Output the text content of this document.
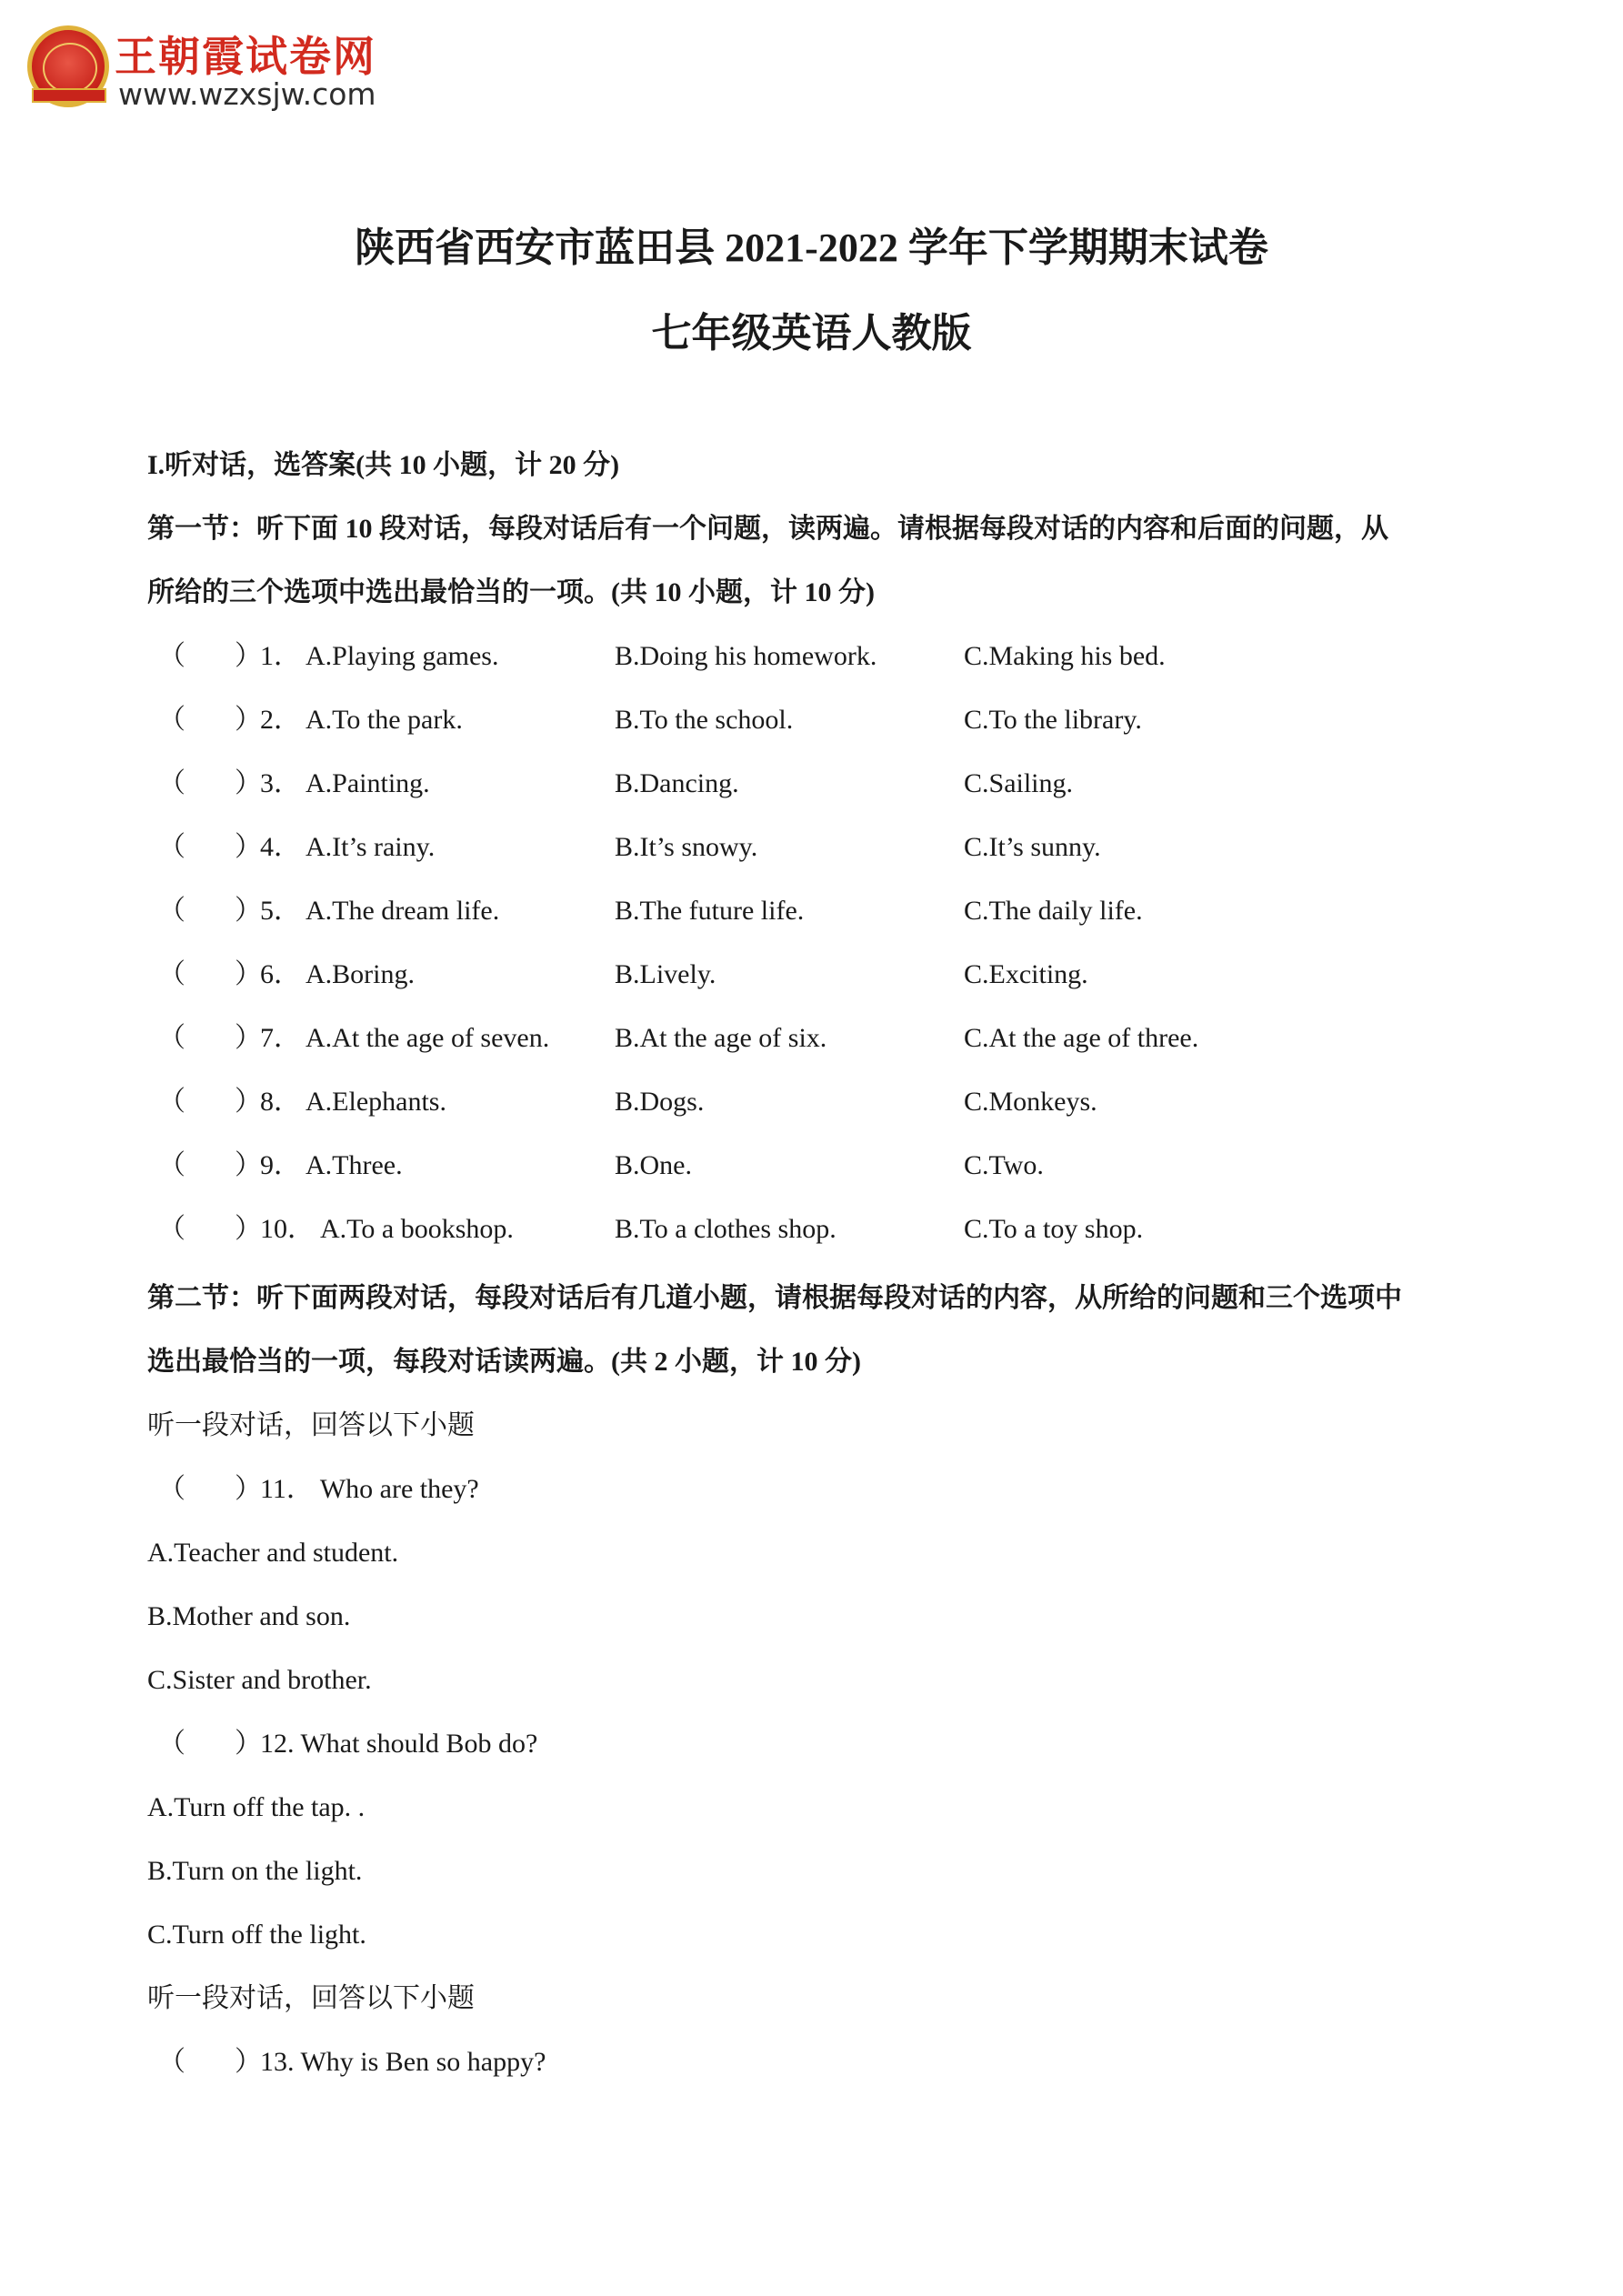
王朝霞试卷网
www.wzxsjw.com
陕西省西安市蓝田县 2021-2022 学年下学期期末试卷
七年级英语人教版
I.听对话，选答案(共 10 小题，计 20 分)
第一节：听下面 10 段对话，每段对话后有一个问题，读两遍。请根据每段对话的内容和后面的问题，从
所给的三个选项中选出最恰当的一项。(共 10 小题，计 10 分)
（ ）
1． A.Playing games.	B.Doing his homework.	C.Making his bed.
（ ）
2． A.To the park.	B.To the school.	C.To the library.
（ ）
3． A.Painting.	B.Dancing.	C.Sailing.
（ ）
4． A.It’s rainy.	B.It’s snowy.	C.It’s sunny.
（ ）
5． A.The dream life.	B.The future life.	C.The daily life.
（ ）
6． A.Boring.	B.Lively.	C.Exciting.
（ ）
7． A.At the age of seven. B.At the age of six.	C.At the age of three.
（ ）
8． A.Elephants.	B.Dogs.	C.Monkeys.
（ ）
9． A.Three.	B.One.	C.Two.
（ ）
10． A.To a bookshop.	B.To a clothes shop.	C.To a toy shop.
第二节：听下面两段对话，每段对话后有几道小题，请根据每段对话的内容，从所给的问题和三个选项中
选出最恰当的一项，每段对话读两遍。(共 2 小题，计 10 分)
听一段对话，回答以下小题
（ ）
11． Who are they?
A.Teacher and student.
B.Mother and son.
C.Sister and brother.
（ ）
12. What should Bob do?
A.Turn off the tap. .
B.Turn on the light.
C.Turn off the light.
听一段对话，回答以下小题
（ ）
13. Why is Ben so happy?
